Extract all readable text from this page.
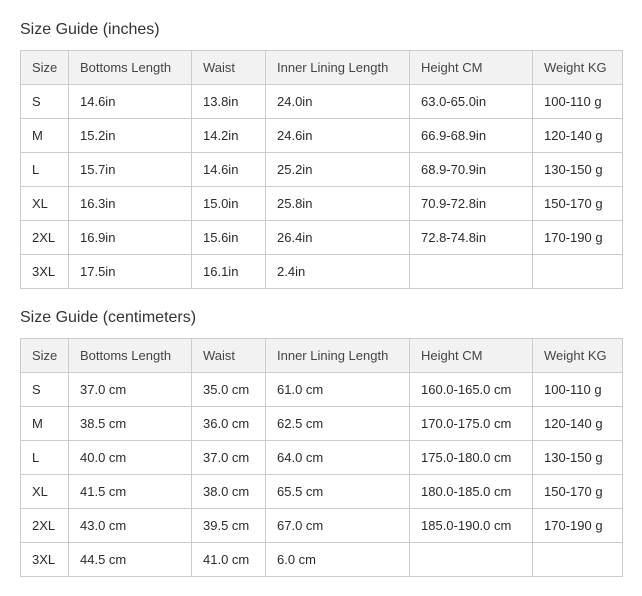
Size Guide (inches)
Size	Bottoms Length	Waist	Inner Lining Length	Height CM	Weight KG
S	14.6in	13.8in	24.0in	63.0-65.0in	100-110 g
M	15.2in	14.2in	24.6in	66.9-68.9in	120-140 g
L	15.7in	14.6in	25.2in	68.9-70.9in	130-150 g
XL	16.3in	15.0in	25.8in	70.9-72.8in	150-170 g
2XL	16.9in	15.6in	26.4in	72.8-74.8in	170-190 g
3XL	17.5in	16.1in	2.4in		
Size Guide (centimeters)
Size	Bottoms Length	Waist	Inner Lining Length	Height CM	Weight KG
S	37.0 cm	35.0 cm	61.0 cm	160.0-165.0 cm	100-110 g
M	38.5 cm	36.0 cm	62.5 cm	170.0-175.0 cm	120-140 g
L	40.0 cm	37.0 cm	64.0 cm	175.0-180.0 cm	130-150 g
XL	41.5 cm	38.0 cm	65.5 cm	180.0-185.0 cm	150-170 g
2XL	43.0 cm	39.5 cm	67.0 cm	185.0-190.0 cm	170-190 g
3XL	44.5 cm	41.0 cm	6.0 cm		
